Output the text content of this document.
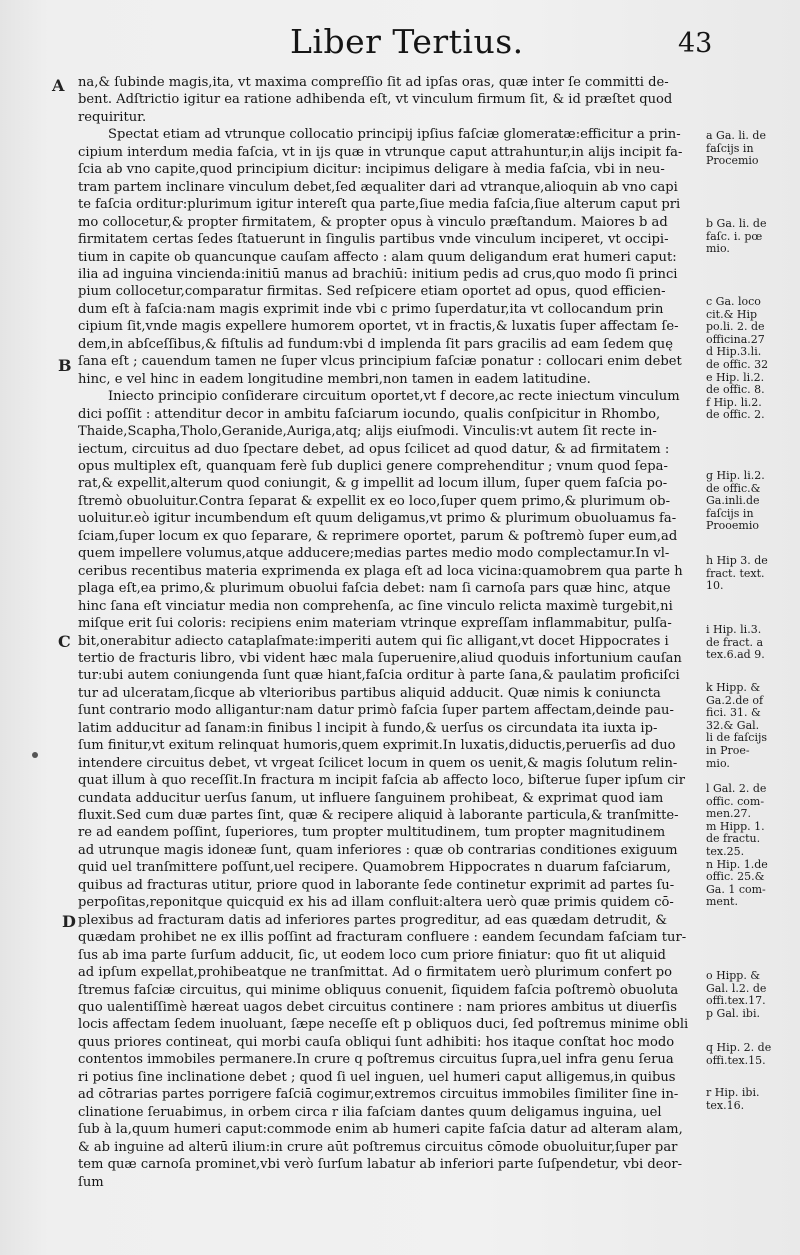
Liber Tertius.	43
A
B
C
D
na,& ſubinde magis,ita, vt maxima compreſſio ſit ad ipſas oras, quæ inter ſe committi de-
bent. Adſtrictio igitur ea ratione adhibenda eſt, vt vinculum firmum ſit, & id præſtet quod
requiritur.
Spectat etiam ad vtrunque collocatio principij ipſius faſciæ glomeratæ:efficitur a prin-
cipium interdum media faſcia, vt in ijs quæ in vtrunque caput attrahuntur,in alijs incipit fa-
ſcia ab vno capite,quod principium dicitur: incipimus deligare à media faſcia, vbi in neu-
tram partem inclinare vinculum debet,ſed æqualiter dari ad vtranque,alioquin ab vno capi
te faſcia orditur:plurimum igitur intereſt qua parte,ſiue media faſcia,ſiue alterum caput pri
mo collocetur,& propter firmitatem, & propter opus à vinculo præſtandum. Maiores b ad
firmitatem certas ſedes ſtatuerunt in ſingulis partibus vnde vinculum inciperet, vt occipi-
tium in capite ob quancunque cauſam affecto : alam quum deligandum erat humeri caput:
ilia ad inguina vincienda:initiū manus ad brachiū: initium pedis ad crus,quo modo ſi princi
pium collocetur,comparatur firmitas. Sed reſpicere etiam oportet ad opus, quod efficien-
dum eſt à faſcia:nam magis exprimit inde vbi c primo ſuperdatur,ita vt collocandum prin
cipium ſit,vnde magis expellere humorem oportet, vt in fractis,& luxatis ſuper affectam ſe-
dem,in abſceſſibus,& fiſtulis ad fundum:vbi d implenda ſit pars gracilis ad eam ſedem quę
ſana eſt ; cauendum tamen ne ſuper vlcus principium faſciæ ponatur : collocari enim debet
hinc, e vel hinc in eadem longitudine membri,non tamen in eadem latitudine.
Iniecto principio conſiderare circuitum oportet,vt f decore,ac recte iniectum vinculum
dici poſſit : attenditur decor in ambitu faſciarum iocundo, qualis conſpicitur in Rhombo,
Thaide,Scapha,Tholo,Geranide,Auriga,atq; alijs eiuſmodi. Vinculis:vt autem ſit recte in-
iectum, circuitus ad duo ſpectare debet, ad opus ſcilicet ad quod datur, & ad firmitatem :
opus multiplex eſt, quanquam ferè ſub duplici genere comprehenditur ; vnum quod ſepa-
rat,& expellit,alterum quod coniungit, & g impellit ad locum illum, ſuper quem faſcia po-
ſtremò obuoluitur.Contra ſeparat & expellit ex eo loco,ſuper quem primo,& plurimum ob-
uoluitur.eò igitur incumbendum eſt quum deligamus,vt primo & plurimum obuoluamus fa-
ſciam,ſuper locum ex quo ſeparare, & reprimere oportet, parum & poſtremò ſuper eum,ad
quem impellere volumus,atque adducere;medias partes medio modo complectamur.In vl-
ceribus recentibus materia exprimenda ex plaga eſt ad loca vicina:quamobrem qua parte h
plaga eſt,ea primo,& plurimum obuolui faſcia debet: nam ſi carnoſa pars quæ hinc, atque
hinc ſana eſt vinciatur media non comprehenſa, ac ſine vinculo relicta maximè turgebit,ni
miſque erit ſui coloris: recipiens enim materiam vtrinque expreſſam inflammabitur, pulſa-
bit,onerabitur adiecto cataplaſmate:imperiti autem qui ſic alligant,vt docet Hippocrates i
tertio de fracturis libro, vbi vident hæc mala ſuperuenire,aliud quoduis infortunium cauſan
tur:ubi autem coniungenda ſunt quæ hiant,faſcia orditur à parte ſana,& paulatim proficiſci
tur ad ulceratam,ſicque ab vlterioribus partibus aliquid adducit. Quæ nimis k coniuncta
ſunt contrario modo alligantur:nam datur primò faſcia ſuper partem affectam,deinde pau-
latim adducitur ad ſanam:in finibus l incipit à fundo,& uerſus os circundata ita iuxta ip-
ſum finitur,vt exitum relinquat humoris,quem exprimit.In luxatis,diductis,peruerſis ad duo
intendere circuitus debet, vt vrgeat ſcilicet locum in quem os uenit,& magis ſolutum relin-
quat illum à quo receſſit.In fractura m incipit faſcia ab affecto loco, biſterue ſuper ipſum cir
cundata adducitur uerſus ſanum, ut influere ſanguinem prohibeat, & exprimat quod iam
fluxit.Sed cum duæ partes ſint, quæ & recipere aliquid à laborante particula,& tranſmitte-
re ad eandem poſſint, ſuperiores, tum propter multitudinem, tum propter magnitudinem
ad utrunque magis idoneæ ſunt, quam inferiores : quæ ob contrarias conditiones exiguum
quid uel tranſmittere poſſunt,uel recipere. Quamobrem Hippocrates n duarum faſciarum,
quibus ad fracturas utitur, priore quod in laborante ſede continetur exprimit ad partes ſu-
perpoſitas,reponitque quicquid ex his ad illam confluit:altera uerò quæ primis quidem cō-
plexibus ad fracturam datis ad inferiores partes progreditur, ad eas quædam detrudit, &
quædam prohibet ne ex illis poſſint ad fracturam confluere : eandem ſecundam faſciam tur-
ſus ab ima parte ſurſum adducit, ſic, ut eodem loco cum priore finiatur: quo fit ut aliquid
ad ipſum expellat,prohibeatque ne tranſmittat. Ad o firmitatem uerò plurimum confert po
ſtremus faſciæ circuitus, qui minime obliquus conuenit, ſiquidem faſcia poſtremò obuoluta
quo ualentiſſimè hæreat uagos debet circuitus continere : nam priores ambitus ut diuerſis
locis affectam ſedem inuoluant, ſæpe neceſſe eſt p obliquos duci, ſed poſtremus minime obli
quus priores contineat, qui morbi cauſa obliqui ſunt adhibiti: hos itaque conſtat hoc modo
contentos immobiles permanere.In crure q poſtremus circuitus ſupra,uel infra genu ſerua
ri potius ſine inclinatione debet ; quod ſi uel inguen, uel humeri caput alligemus,in quibus
ad cōtrarias partes porrigere faſciā cogimur,extremos circuitus immobiles ſimiliter ſine in-
clinatione ſeruabimus, in orbem circa r ilia faſciam dantes quum deligamus inguina, uel
ſub à la,quum humeri caput:commode enim ab humeri capite faſcia datur ad alteram alam,
& ab inguine ad alterū ilium:in crure aūt poſtremus circuitus cōmode obuoluitur,ſuper par
tem quæ carnoſa prominet,vbi verò ſurſum labatur ab inferiori parte ſuſpendetur, vbi deor-
ſum
a Ga. li. de
faſcijs in
Procemio
b Ga. li. de
faſc. i. pœ
mio.
c Ga. loco
cit.& Hip
po.li. 2. de
officina.27
d Hip.3.li.
de offic. 32
e Hip. li.2.
de offic. 8.
f Hip. li.2.
de offic. 2.
g Hip. li.2.
de offic.&
Ga.inli.de
faſcijs in
Prooemio
h Hip 3. de
fract. text.
10.
i Hip. li.3.
de fract. a
tex.6.ad 9.
k Hipp. &
Ga.2.de of
fici. 31. &
32.& Gal.
li de faſcijs
in Proe-
mio.
l Gal. 2. de
offic. com-
men.27.
m Hipp. 1.
de fractu.
tex.25.
n Hip. 1.de
offic. 25.&
Ga. 1 com-
ment.
o Hipp. &
Gal. l.2. de
offi.tex.17.
p Gal. ibi.
q Hip. 2. de
offi.tex.15.
r Hip. ibi.
tex.16.
